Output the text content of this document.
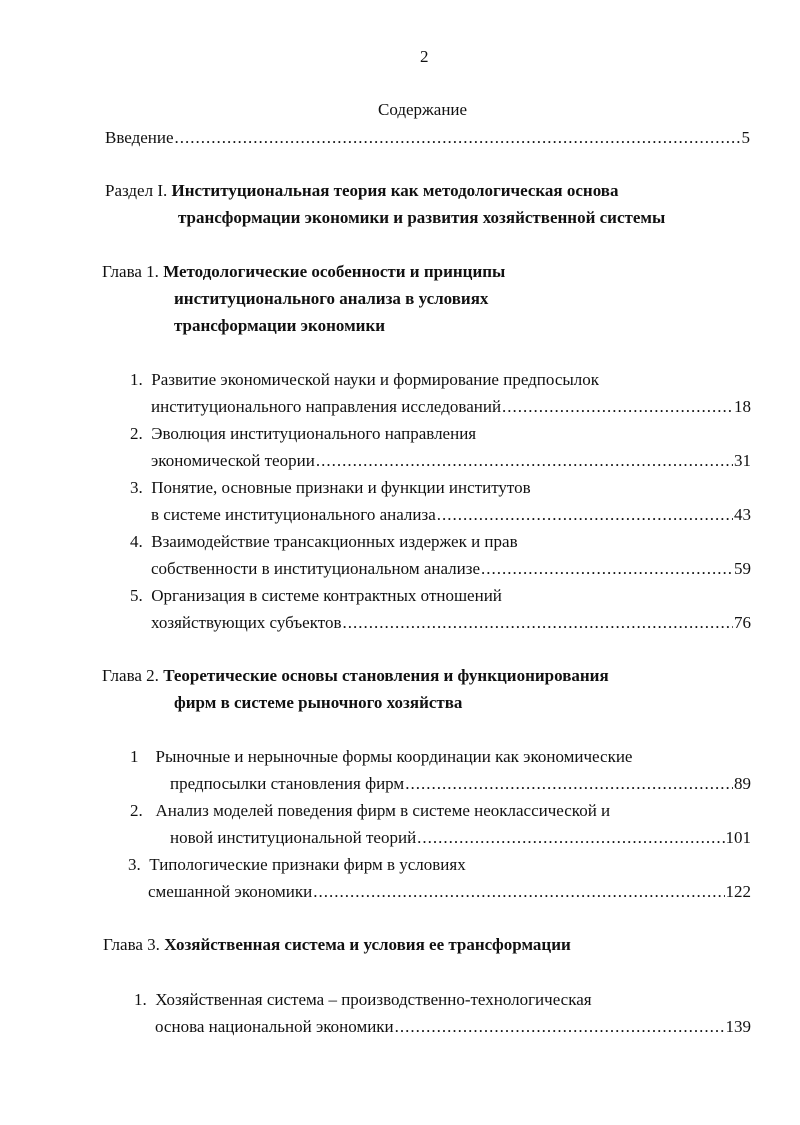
2
Содержание
Введение .....	5
Раздел I. Институциональная теория как методологическая основа
трансформации экономики и развития хозяйственной системы
Глава 1. Методологические особенности и принципы
институционального анализа в условиях
трансформации экономики
1. Развитие экономической науки и формирование предпосылок
институционального направления исследований .....	18
2. Эволюция институционального направления
экономической теории .....	31
3. Понятие, основные признаки и функции институтов
в системе институционального анализа .....	43
4. Взаимодействие трансакционных издержек и прав
собственности в институциональном анализе .....	59
5. Организация в системе контрактных отношений
хозяйствующих субъектов .....	76
Глава 2. Теоретические основы становления и функционирования
фирм в системе рыночного хозяйства
1 Рыночные и нерыночные формы координации как экономические
предпосылки становления фирм .....	89
2. Анализ моделей поведения фирм в системе неоклассической и
новой институциональной теорий .....	101
3. Типологические признаки фирм в условиях
смешанной экономики .....	122
Глава 3. Хозяйственная система и условия ее трансформации
1. Хозяйственная система – производственно-технологическая
основа национальной экономики .....	139
